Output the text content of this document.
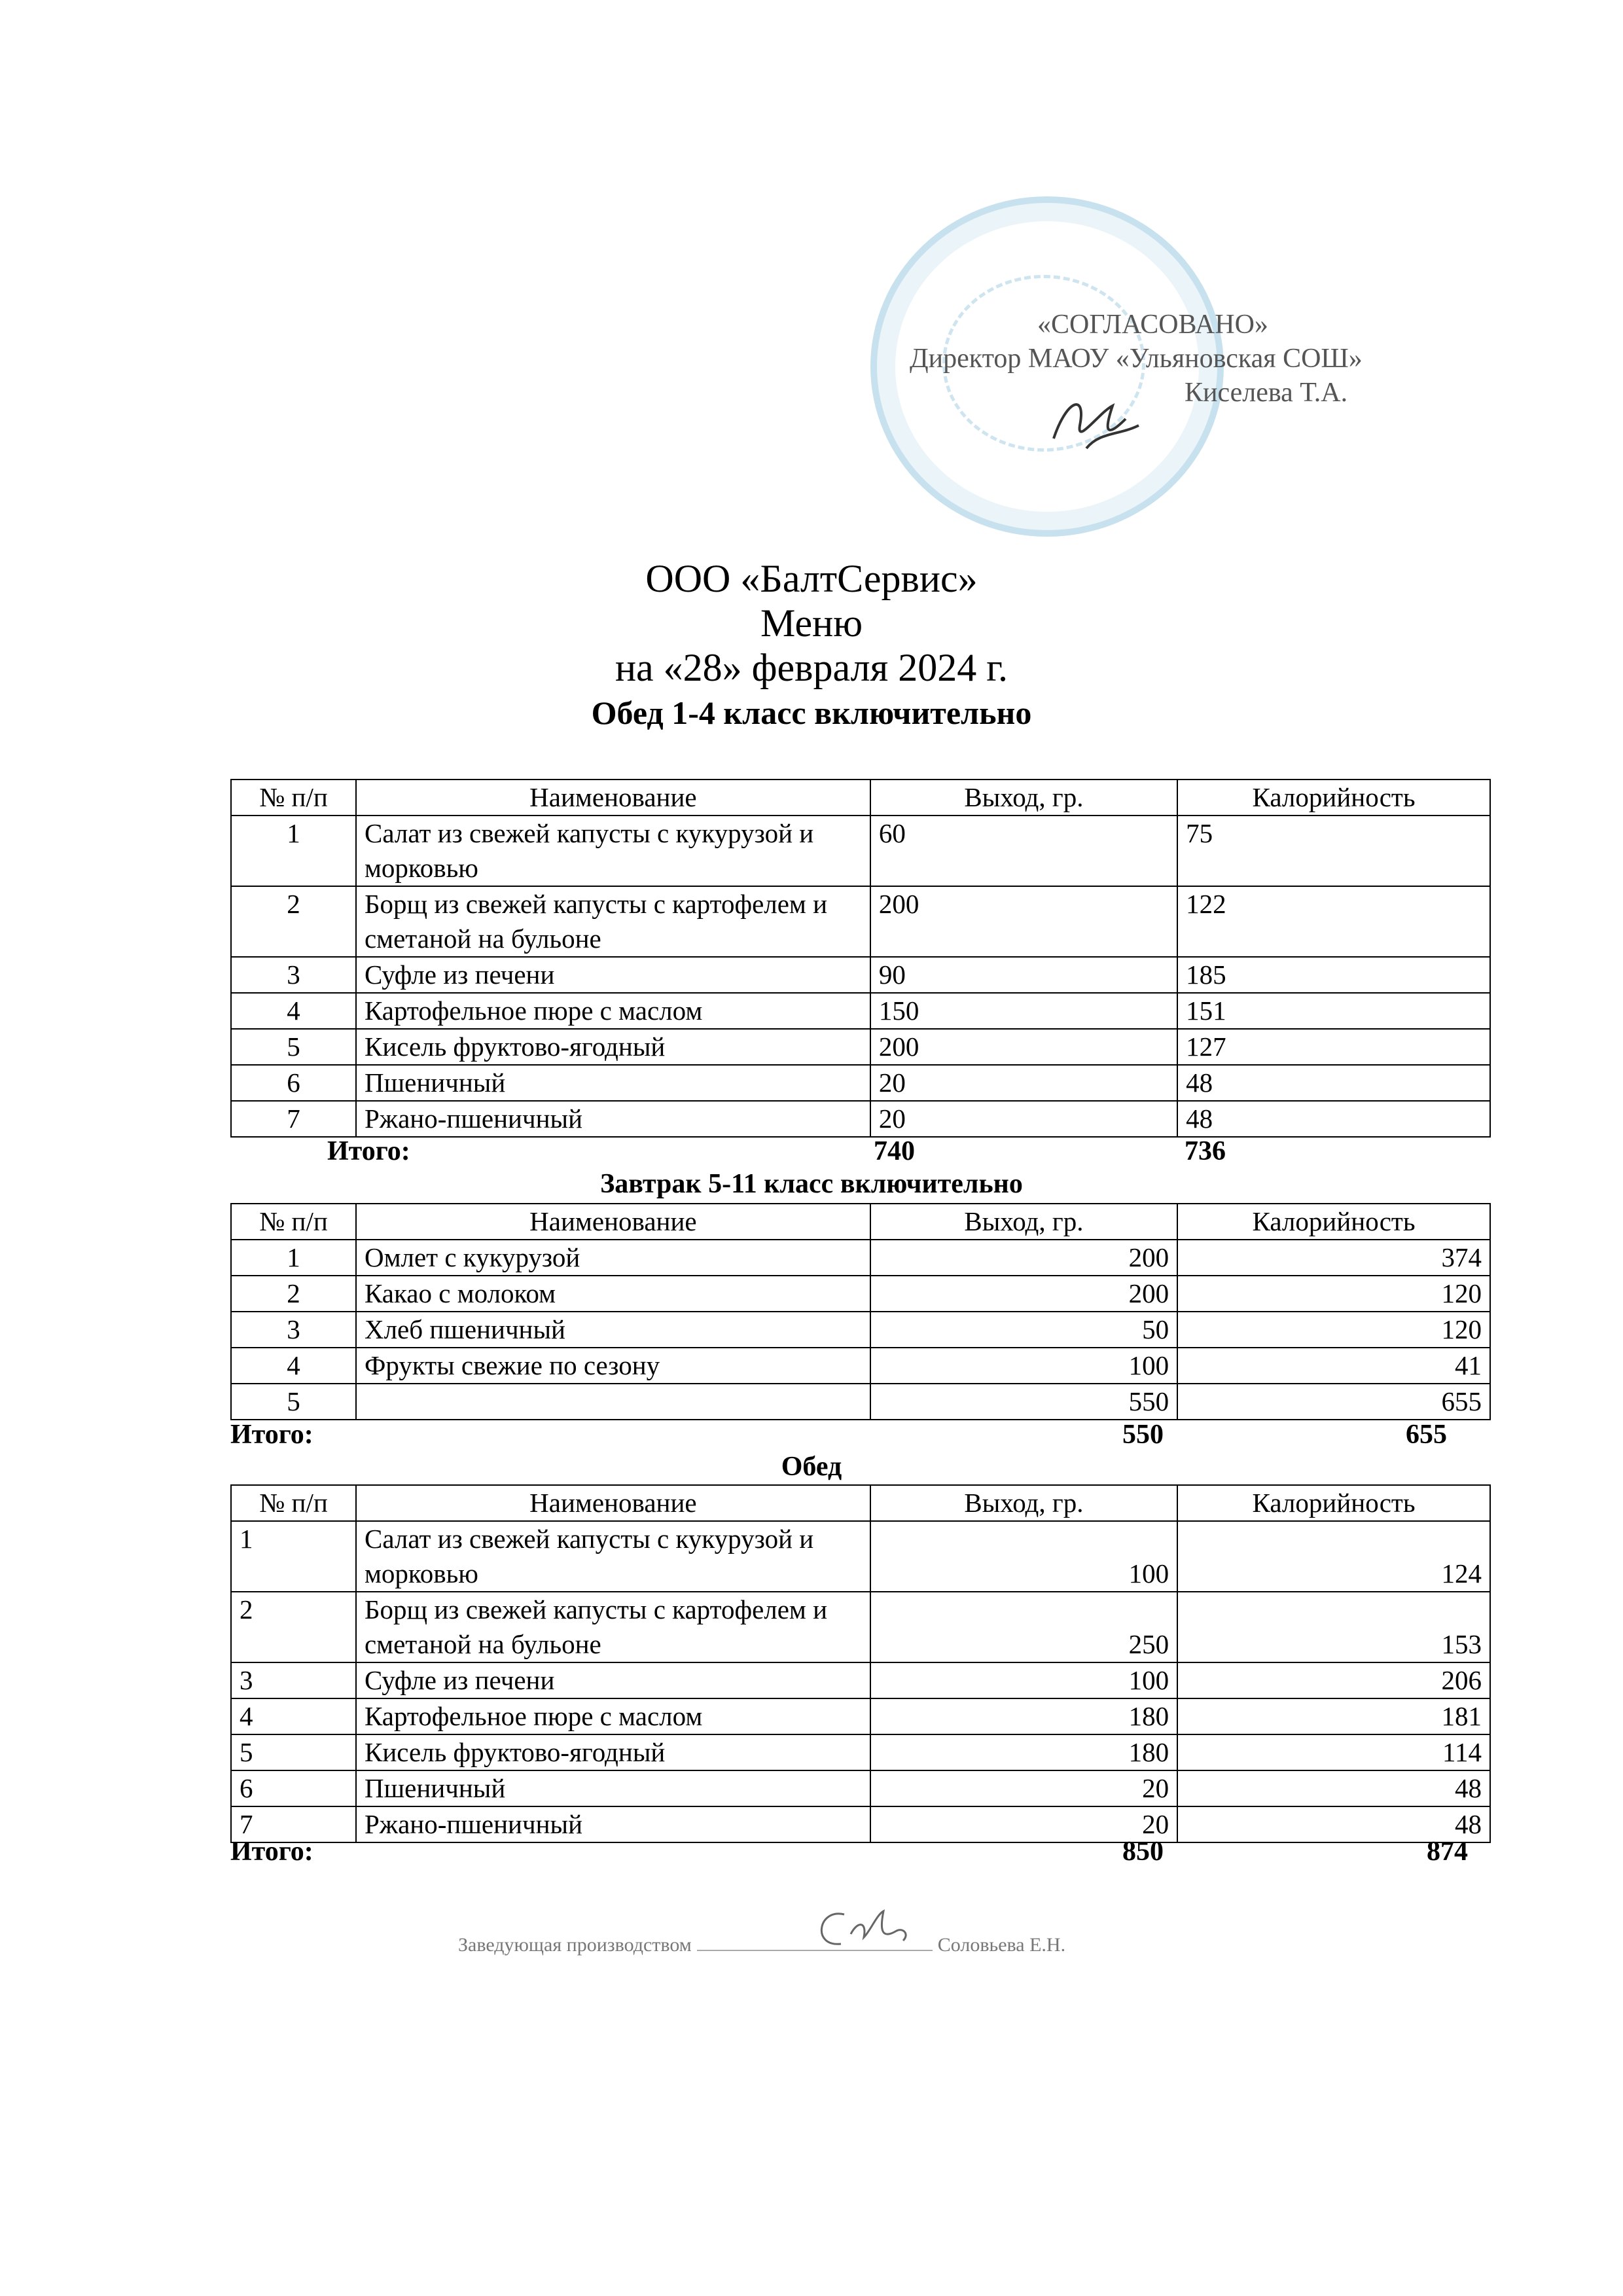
«СОГЛАСОВАНО»
Директор МАОУ «Ульяновская СОШ»
Киселева Т.А.
ООО «БалтСервис»
Меню
на «28» февраля 2024 г.
Обед 1-4 класс включительно
№ п/п	Наименование	Выход, гр.	Калорийность
1	Салат из свежей капусты с кукурузой и морковью	60	75
2	Борщ из свежей капусты с картофелем и сметаной на бульоне	200	122
3	Суфле из печени	90	185
4	Картофельное пюре с маслом	150	151
5	Кисель фруктово-ягодный	200	127
6	Пшеничный	20	48
7	Ржано-пшеничный	20	48
Итого:	740	736
Завтрак 5-11 класс включительно
№ п/п	Наименование	Выход, гр.	Калорийность
1	Омлет с кукурузой	200	374
2	Какао с молоком	200	120
3	Хлеб пшеничный	50	120
4	Фрукты свежие по сезону	100	41
5		550	655
Итого:	550	655
Обед
№ п/п	Наименование	Выход, гр.	Калорийность
1	Салат из свежей капусты с кукурузой и морковью	100	124
2	Борщ из свежей капусты с картофелем и сметаной на бульоне	250	153
3	Суфле из печени	100	206
4	Картофельное пюре с маслом	180	181
5	Кисель фруктово-ягодный	180	114
6	Пшеничный	20	48
7	Ржано-пшеничный	20	48
Итого:	850	874
Заведующая производством	Соловьева Е.Н.
